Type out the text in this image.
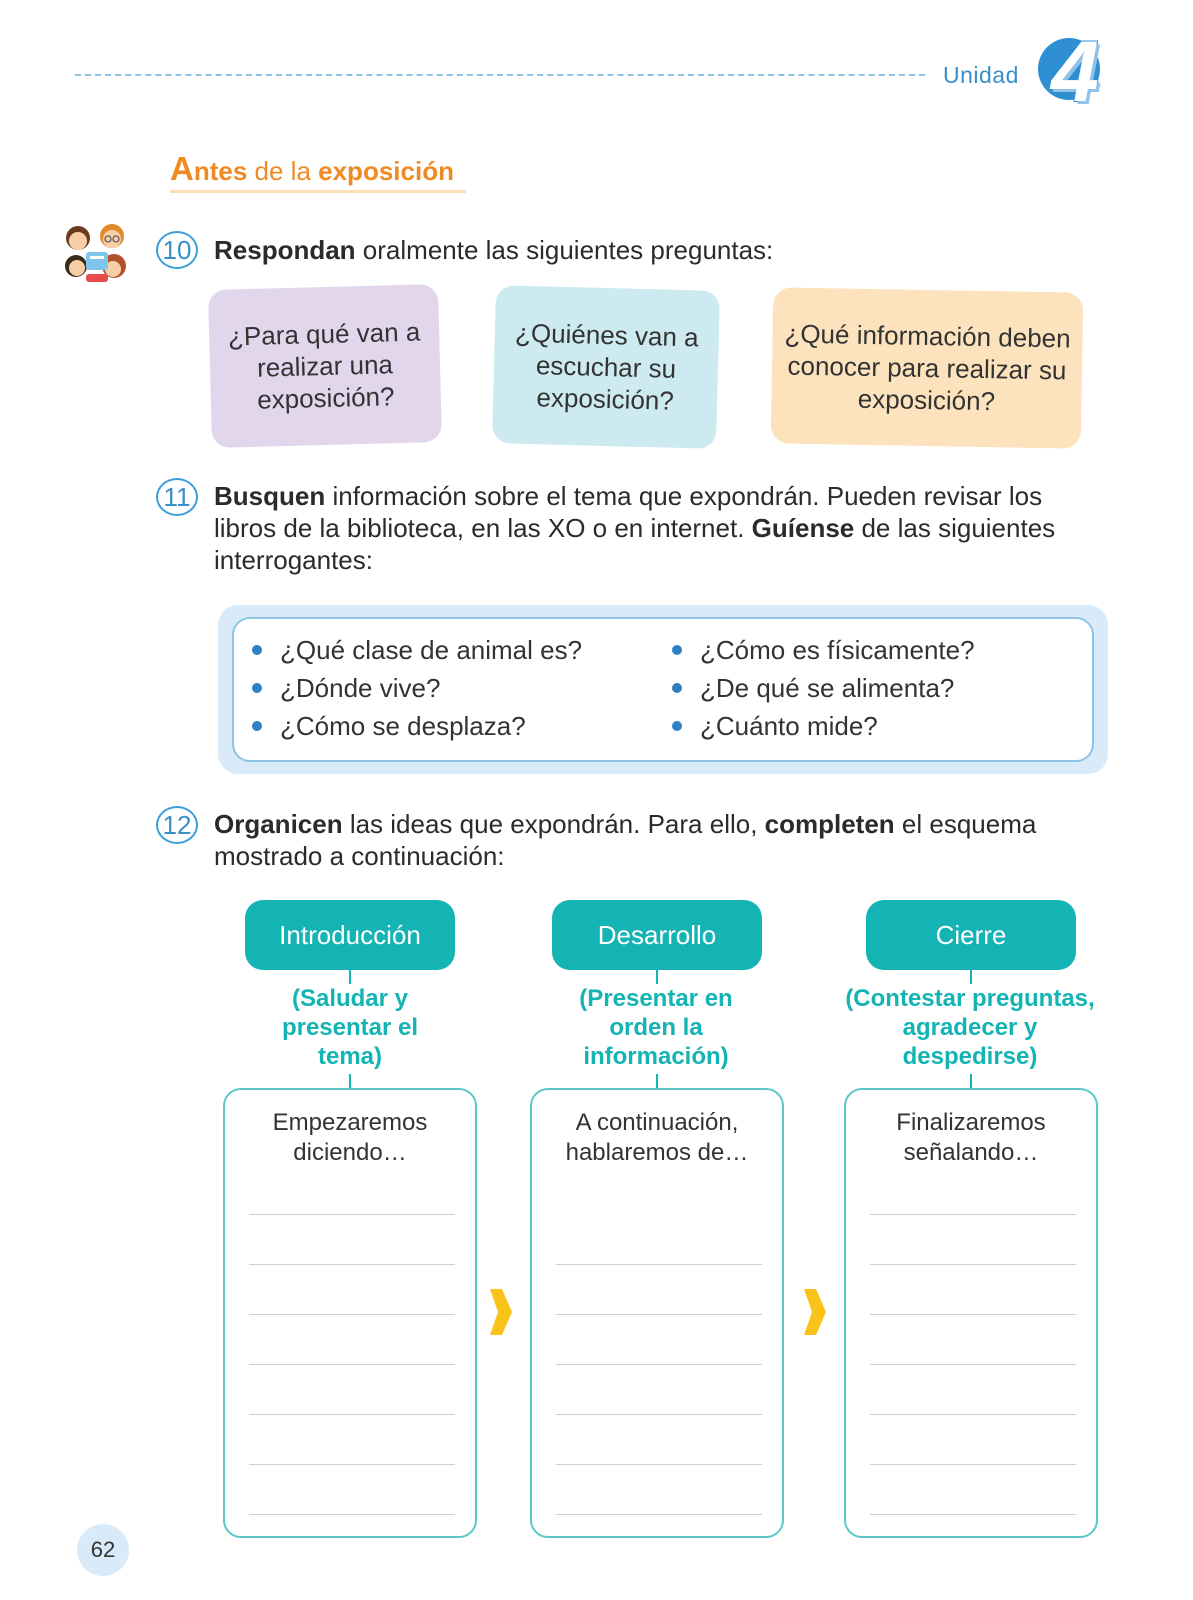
Unidad 4
Antes de la exposición
10 Respondan oralmente las siguientes preguntas:
¿Para qué van a realizar una exposición?
¿Quiénes van a escuchar su exposición?
¿Qué información deben conocer para realizar su exposición?
11 Busquen información sobre el tema que expondrán. Pueden revisar los libros de la biblioteca, en las XO o en internet. Guíense de las siguientes interrogantes:
¿Qué clase de animal es?
¿Dónde vive?
¿Cómo se desplaza?
¿Cómo es físicamente?
¿De qué se alimenta?
¿Cuánto mide?
12 Organicen las ideas que expondrán. Para ello, completen el esquema mostrado a continuación:
Introducción
(Saludar y presentar el tema)
Empezaremos diciendo…
Desarrollo
(Presentar en orden la información)
A continuación, hablaremos de…
Cierre
(Contestar preguntas, agradecer y despedirse)
Finalizaremos señalando…
62
